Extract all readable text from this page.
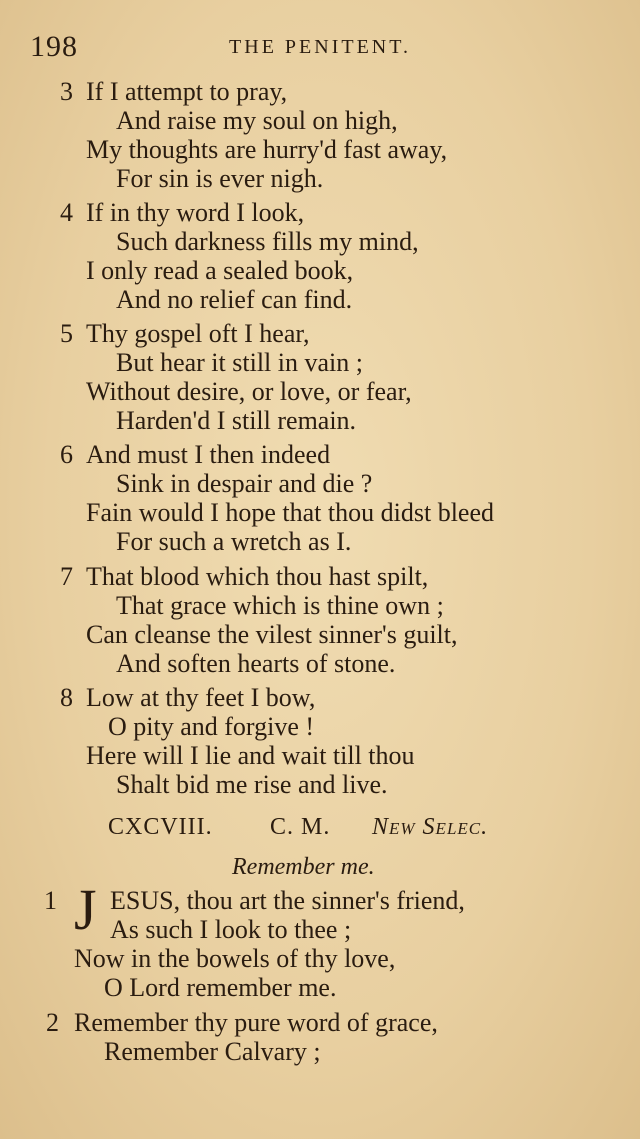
198	THE PENITENT.
3 If I attempt to pray,
And raise my soul on high,
My thoughts are hurry'd fast away,
For sin is ever nigh.
4 If in thy word I look,
Such darkness fills my mind,
I only read a sealed book,
And no relief can find.
5 Thy gospel oft I hear,
But hear it still in vain ;
Without desire, or love, or fear,
Harden'd I still remain.
6 And must I then indeed
Sink in despair and die ?
Fain would I hope that thou didst bleed
For such a wretch as I.
7 That blood which thou hast spilt,
That grace which is thine own ;
Can cleanse the vilest sinner's guilt,
And soften hearts of stone.
8 Low at thy feet I bow,
O pity and forgive !
Here will I lie and wait till thou
Shalt bid me rise and live.
CXCVIII. C. M. New Selec.
Remember me.
1 J ESUS, thou art the sinner's friend,
As such I look to thee ;
Now in the bowels of thy love,
O Lord remember me.
2 Remember thy pure word of grace,
Remember Calvary ;
